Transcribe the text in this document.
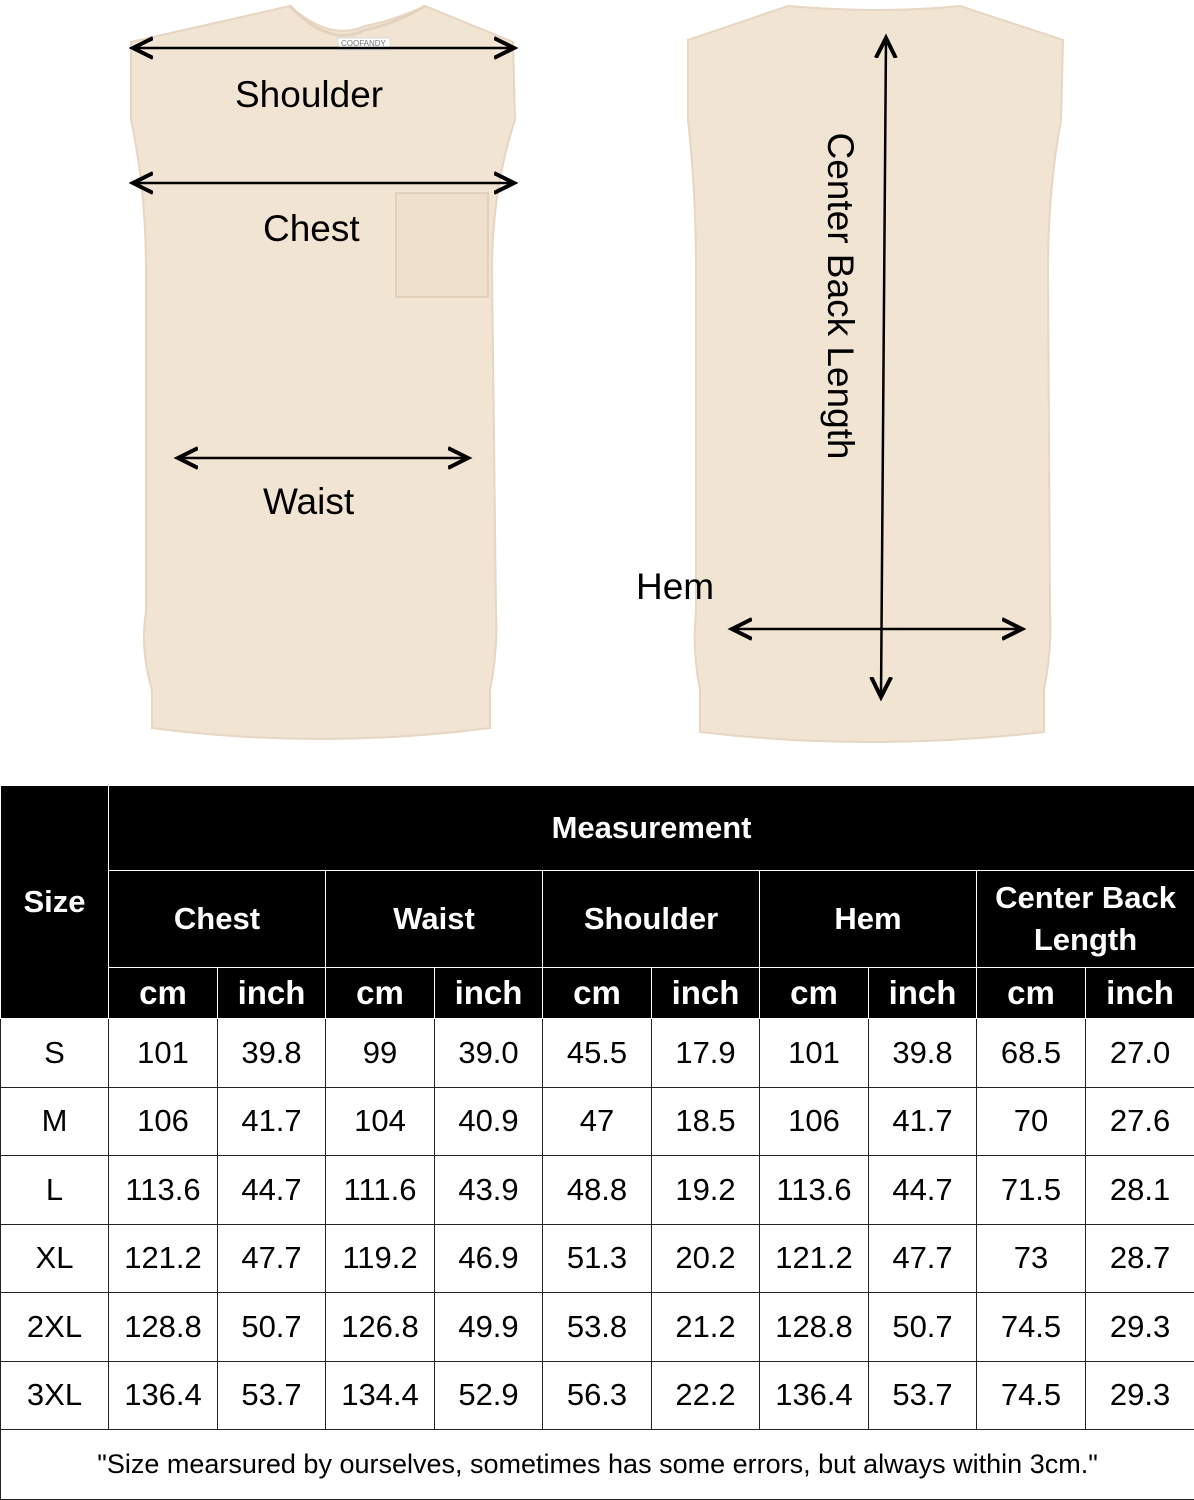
COOFANDY
Shoulder
Chest
Waist
Center Back Length
Hem
Size	Measurement									
	Chest		Waist		Shoulder		Hem		Center Back Length	
	cm	inch	cm	inch	cm	inch	cm	inch	cm	inch
S	101	39.8	99	39.0	45.5	17.9	101	39.8	68.5	27.0
M	106	41.7	104	40.9	47	18.5	106	41.7	70	27.6
L	113.6	44.7	111.6	43.9	48.8	19.2	113.6	44.7	71.5	28.1
XL	121.2	47.7	119.2	46.9	51.3	20.2	121.2	47.7	73	28.7
2XL	128.8	50.7	126.8	49.9	53.8	21.2	128.8	50.7	74.5	29.3
3XL	136.4	53.7	134.4	52.9	56.3	22.2	136.4	53.7	74.5	29.3
"Size mearsured by ourselves, sometimes has some errors, but always within 3cm."										
